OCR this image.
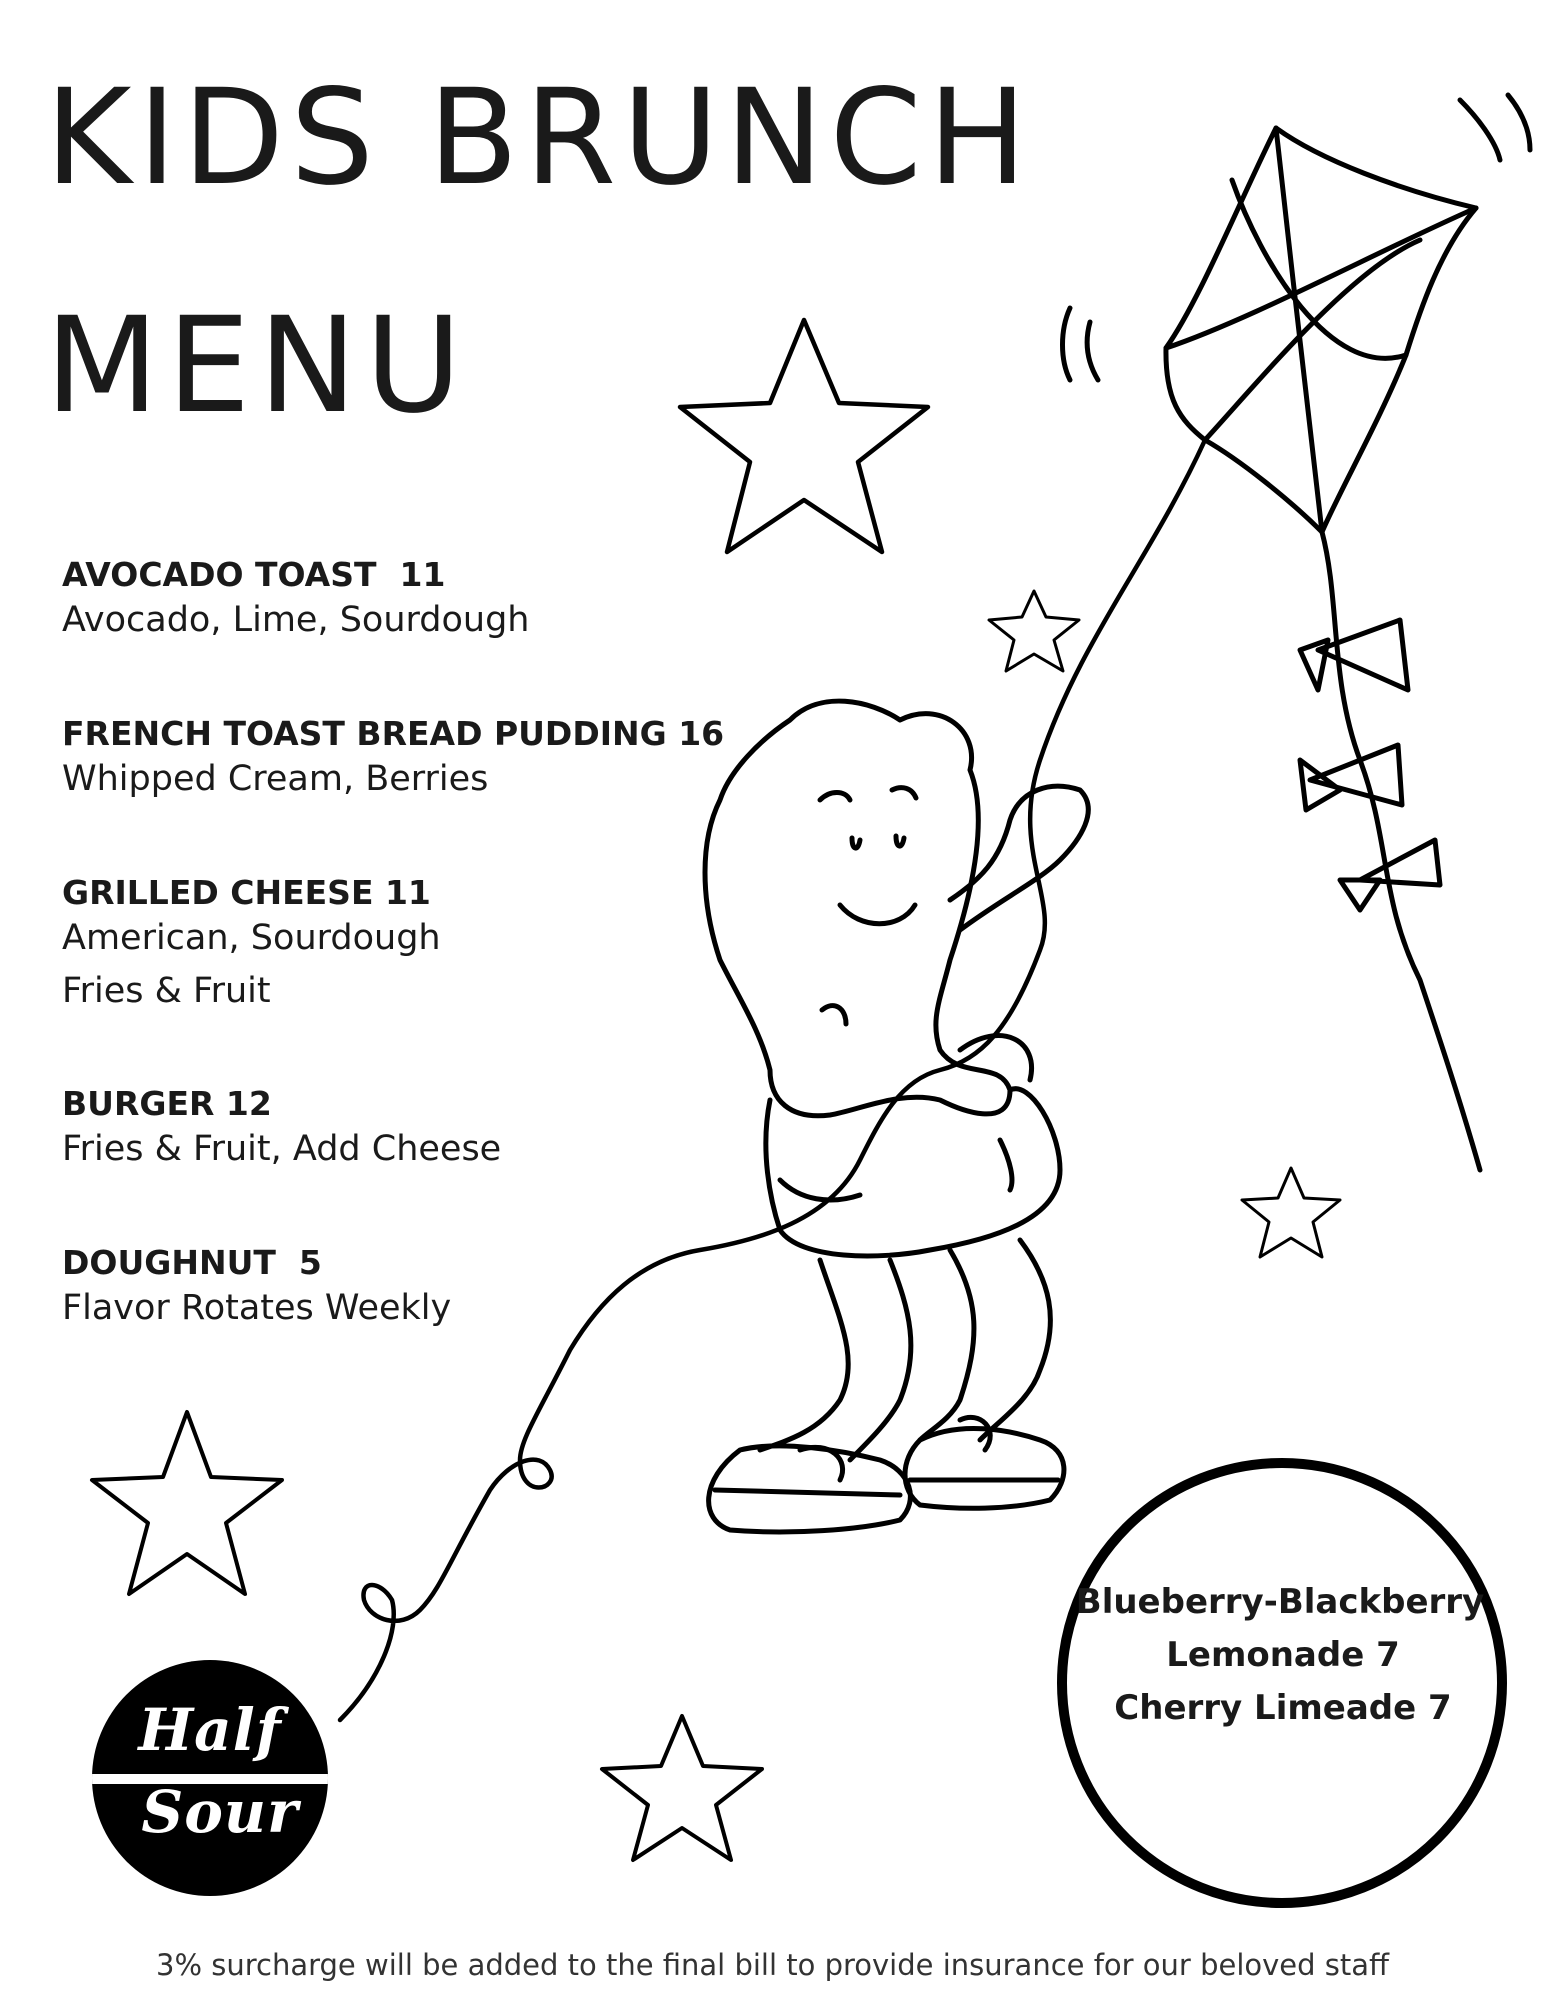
KIDS BRUNCH
MENU
AVOCADO TOAST  11
Avocado, Lime, Sourdough
FRENCH TOAST BREAD PUDDING 16
Whipped Cream, Berries
GRILLED CHEESE 11
American, Sourdough
Fries & Fruit
BURGER 12
Fries & Fruit, Add Cheese
DOUGHNUT  5
Flavor Rotates Weekly
Blueberry-Blackberry
Lemonade 7
Cherry Limeade 7
Half
Sour
3% surcharge will be added to the final bill to provide insurance for our beloved staff
